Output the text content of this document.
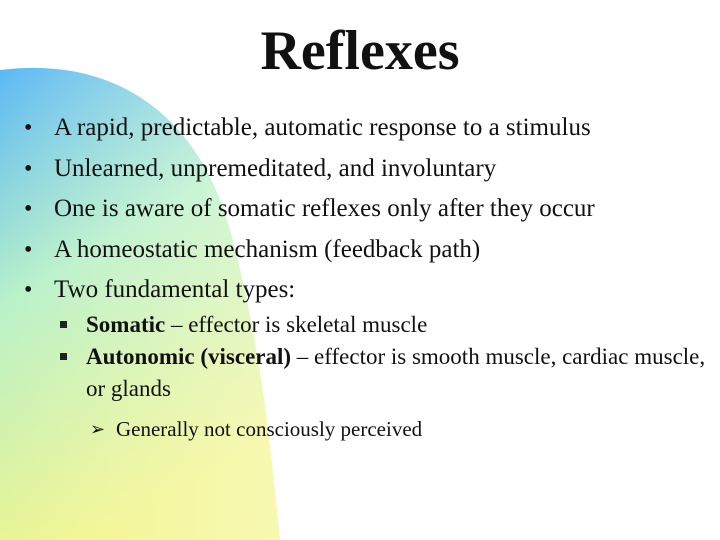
Reflexes
• A rapid, predictable, automatic response to a stimulus
• Unlearned, unpremeditated, and involuntary
• One is aware of somatic reflexes only after they occur
• A homeostatic mechanism (feedback path)
• Two fundamental types:
Somatic – effector is skeletal muscle
Autonomic (visceral) – effector is smooth muscle, cardiac muscle, or glands
➢ Generally not consciously perceived
